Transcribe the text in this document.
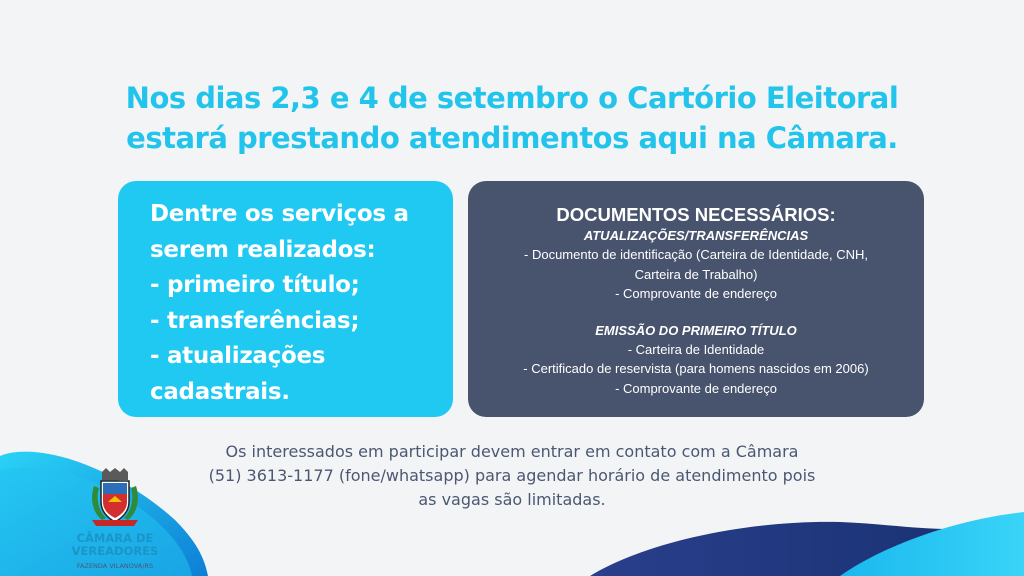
Nos dias 2,3 e 4 de setembro o Cartório Eleitoral
estará prestando atendimentos aqui na Câmara.
Dentre os serviços a
serem realizados:
- primeiro título;
- transferências;
- atualizações
cadastrais.
DOCUMENTOS NECESSÁRIOS:
ATUALIZAÇÕES/TRANSFERÊNCIAS
- Documento de identificação (Carteira de Identidade, CNH,
Carteira de Trabalho)
- Comprovante de endereço
EMISSÃO DO PRIMEIRO TÍTULO
- Carteira de Identidade
- Certificado de reservista (para homens nascidos em 2006)
- Comprovante de endereço
Os interessados em participar devem entrar em contato com a Câmara
(51) 3613-1177 (fone/whatsapp) para agendar horário de atendimento pois
as vagas são limitadas.
CÂMARA DE
VEREADORES
FAZENDA VILANOVA/RS
